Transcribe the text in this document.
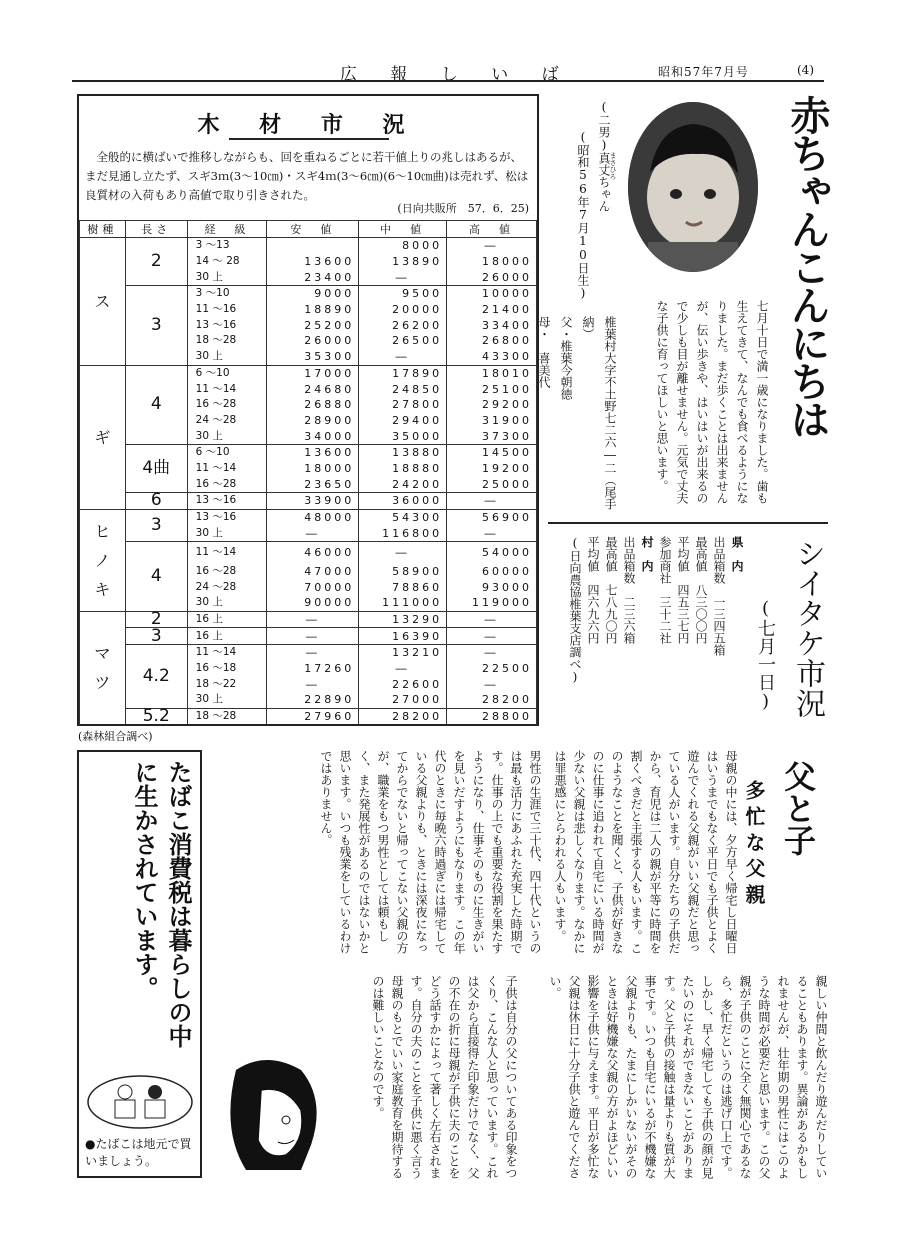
広 報 し い ば	昭和57年7月号	(4)
木 材 市 況
全般的に横ばいで推移しながらも、回を重ねるごとに若干値上りの兆しはあるが、まだ見通し立たず、スギ3ｍ(3～10㎝)・スギ4ｍ(3～6㎝)(6～10㎝曲)は売れず、松は良質材の入荷もあり高値で取り引きされた。
(日向共販所　57．6．25)
樹種	長さ	経　級	安　値	中　値	高　値

ス	2	3 ～13		8000	―
		14 ～ 28	13600	13890	18000
		30 上	23400	―	26000
	3	3 ～10	9000	9500	10000
		11 ～16	18890	20000	21400
		13 ～16	25200	26200	33400
		18 ～28	26000	26500	26800
		30 上	35300	―	43300

ギ	4	6 ～10	17000	17890	18010
		11 ～14	24680	24850	25100
		16 ～28	26880	27800	29200
		24 ～28	28900	29400	31900
		30 上	34000	35000	37300
	4曲	6 ～10	13600	13880	14500
		11 ～14	18000	18880	19200
		16 ～28	23650	24200	25000
	6	13 ～16	33900	36000	―

ヒ
ノ
キ	3	13 ～16	48000	54300	56900
		30 上	―	116800	―
	4	11 ～14	46000	―	54000
		16 ～28	47000	58900	60000
		24 ～28	70000	78860	93000
		30 上	90000	111000	119000

マ
ツ	2	16 上	―	13290	―
	3	16 上	―	16390	―
	4.2	11 ～14	―	13210	―
		16 ～18	17260	―	22500
		18 ～22	―	22600	―
		30 上	22890	27000	28200
	5.2	18 ～28	27960	28200	28800
(森林組合調べ)
赤ちゃんこんにちは
(二男)真丈ちゃん
まさひろ
(昭和56年7月10日生)
七月十日で満一歳になりました。歯も生えてきて、なんでも食べるようになりました。まだ歩くことは出来ませんが、伝い歩きや、はいはいが出来るので少しも目が離せません。元気で丈夫な子供に育ってほしいと思います。
椎葉村大字不土野七二六―二（尾手納）
父・椎葉今朝徳
母・　喜美代
シイタケ市況
(七月一日)
県　内
出品箱数　一三四五箱
最高値　八三〇〇円
平均値　四五三七円
参加商社　三十二社
村　内
出品箱数　二三六箱
最高値　七八九〇円
平均値　四六九六円
(日向農協椎葉支店調べ)
たばこ消費税は暮らしの中に生かされています。
●たばこは地元で買いましょう。
父と子
多忙な父親
母親の中には、夕方早く帰宅し日曜日はいうまでもなく平日でも子供とよく遊んでくれる父親がいい父親だと思っている人がいます。自分たちの子供だから、育児は二人の親が平等に時間を割くべきだと主張する人もいます。このようなことを聞くと、子供が好きなのに仕事に追われて自宅にいる時間が少ない父親は悲しくなります。なかには罪悪感にとらわれる人もいます。
男性の生涯で三十代、四十代というのは最も活力にあふれた充実した時期です。仕事の上でも重要な役割を果たすようになり、仕事そのものに生きがいを見いだすようにもなります。この年代のときに毎晩六時過ぎには帰宅している父親よりも、ときには深夜になってからでないと帰ってこない父親の方が、職業をもつ男性としては頼もしく、また発展性があるのではないかと思います。いつも残業をしているわけではありません。
親しい仲間と飲んだり遊んだりしていることもあります。異論があるかもしれませんが、壮年期の男性にはこのような時間が必要だと思います。この父親が子供のことに全く無関心であるなら、多忙だというのは逃げ口上です。しかし、早く帰宅しても子供の顔が見たいのにそれができないことがあります。父と子供の接触は量よりも質が大事です。いつも自宅にいるが不機嫌な父親よりも、たまにしかいないがそのときは好機嫌な父親の方がよほどいい影響を子供に与えます。平日が多忙な父親は休日に十分子供と遊んでください。
子供は自分の父についてある印象をつくり、こんな人と思っています。これは父から直接得た印象だけでなく、父の不在の折に母親が子供に夫のことをどう話すかによって著しく左右されます。自分の夫のことを子供に悪く言う母親のもとでいい家庭教育を期待するのは難しいことなのです。
